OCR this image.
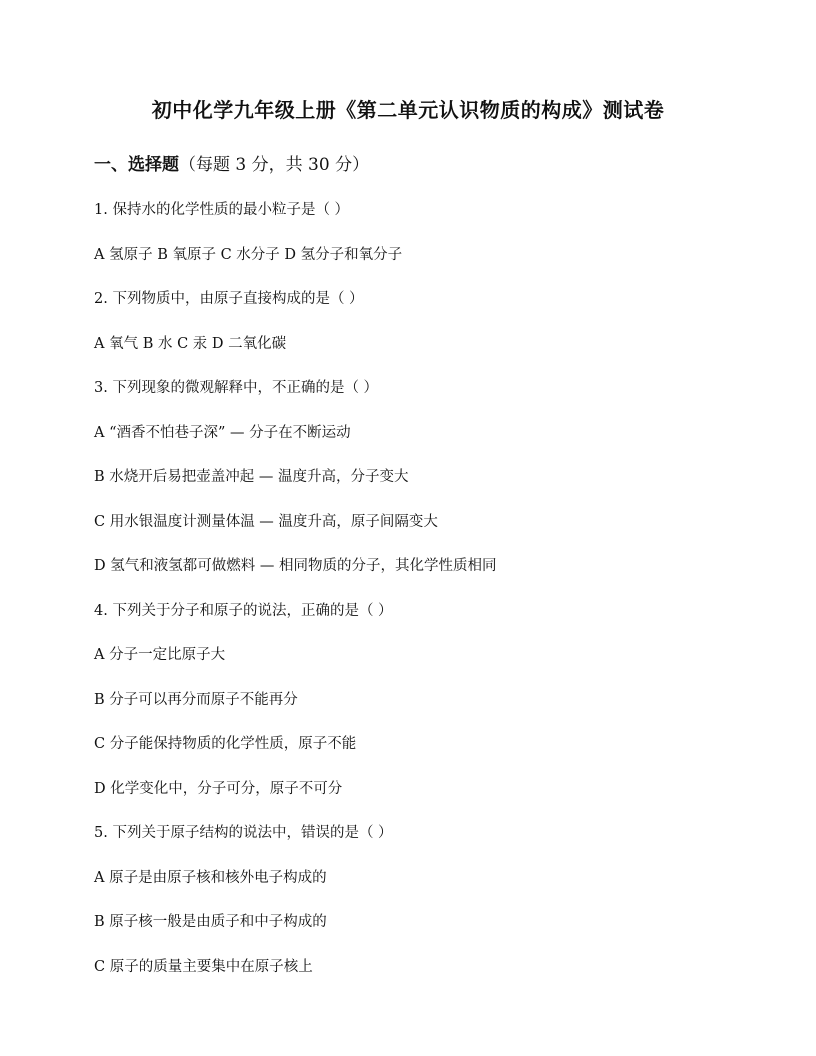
初中化学九年级上册《第二单元认识物质的构成》测试卷
一、选择题（每题 3 分，共 30 分）
1. 保持水的化学性质的最小粒子是（ ）
A 氢原子 B 氧原子 C 水分子 D 氢分子和氧分子
2. 下列物质中，由原子直接构成的是（ ）
A 氧气 B 水 C 汞 D 二氧化碳
3. 下列现象的微观解释中，不正确的是（ ）
A “酒香不怕巷子深” — 分子在不断运动
B 水烧开后易把壶盖冲起 — 温度升高，分子变大
C 用水银温度计测量体温 — 温度升高，原子间隔变大
D 氢气和液氢都可做燃料 — 相同物质的分子，其化学性质相同
4. 下列关于分子和原子的说法，正确的是（ ）
A 分子一定比原子大
B 分子可以再分而原子不能再分
C 分子能保持物质的化学性质，原子不能
D 化学变化中，分子可分，原子不可分
5. 下列关于原子结构的说法中，错误的是（ ）
A 原子是由原子核和核外电子构成的
B 原子核一般是由质子和中子构成的
C 原子的质量主要集中在原子核上
